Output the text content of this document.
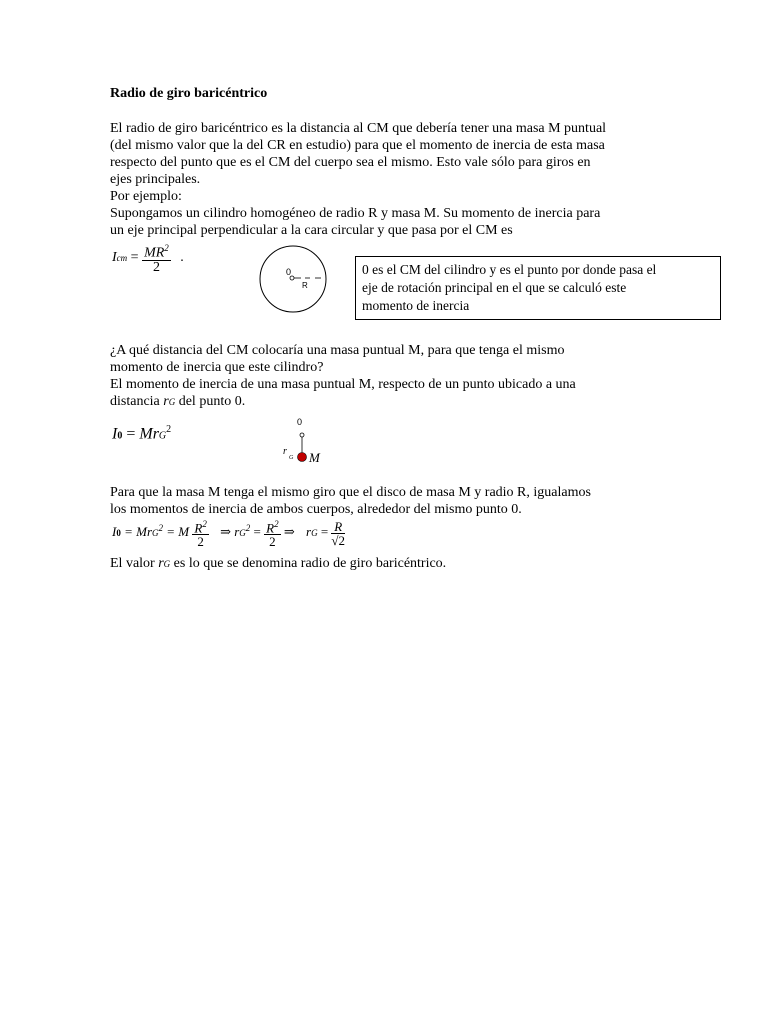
Radio de giro baricéntrico
El radio de giro baricéntrico es la distancia al CM que debería tener una masa M puntual
(del mismo valor que la del CR en estudio) para que el momento de inercia de esta masa
respecto del punto que es el CM del cuerpo sea el mismo. Esto vale sólo para giros en
ejes principales.
Por ejemplo:
Supongamos un cilindro homogéneo de radio R y masa M. Su momento de inercia para
un eje principal perpendicular a la cara circular y que pasa por el CM es
Icm = $\frac{MR^2}{2}$ .
0
R
0 es el CM del cilindro y es el punto por donde pasa el
eje de rotación principal en el que se calculó este
momento de inercia
¿A qué distancia del CM colocaría una masa puntual M, para que tenga el mismo
momento de inercia que este cilindro?
El momento de inercia de una masa puntual M, respecto de un punto ubicado a una
distancia rG del punto 0.
I0 = MrG$^2$
0
r
G M
Para que la masa M tenga el mismo giro que el disco de masa M y radio R, igualamos
los momentos de inercia de ambos cuerpos, alrededor del mismo punto 0.
I0 = MrG$^2$ = M $\frac{R^2}{2}$ ⇒ $rG^2 = \frac{R^2}{2}$ ⇒ rG = $\frac{R}{√2}$
El valor rG es lo que se denomina radio de giro baricéntrico.
